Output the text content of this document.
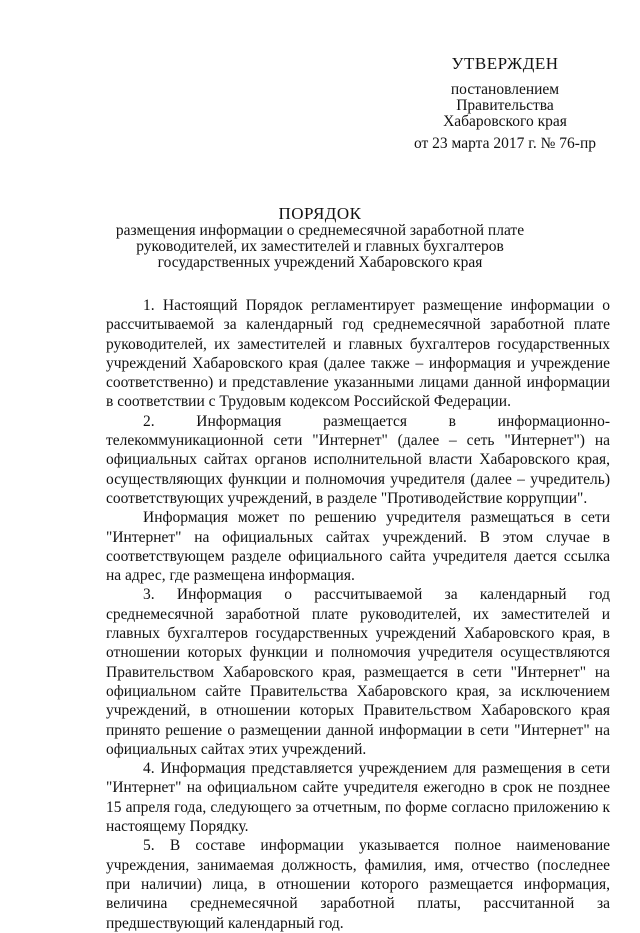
УТВЕРЖДЕН
постановлением
Правительства
Хабаровского края
от 23 марта 2017 г. № 76-пр
ПОРЯДОК
размещения информации о среднемесячной заработной плате
руководителей, их заместителей и главных бухгалтеров
государственных учреждений Хабаровского края

1. Настоящий Порядок регламентирует размещение информации о рассчитываемой за календарный год среднемесячной заработной плате руководителей, их заместителей и главных бухгалтеров государственных учреждений Хабаровского края (далее также – информация и учреждение соответственно) и представление указанными лицами данной информации в соответствии с Трудовым кодексом Российской Федерации.

2. Информация размещается в информационно-телекоммуникационной сети "Интернет" (далее – сеть "Интернет") на официальных сайтах органов исполнительной власти Хабаровского края, осуществляющих функции и полномочия учредителя (далее – учредитель) соответствующих учреждений, в разделе "Противодействие коррупции".

Информация может по решению учредителя размещаться в сети "Интернет" на официальных сайтах учреждений. В этом случае в соответствующем разделе официального сайта учредителя дается ссылка на адрес, где размещена информация.

3. Информация о рассчитываемой за календарный год среднемесячной заработной плате руководителей, их заместителей и главных бухгалтеров государственных учреждений Хабаровского края, в отношении которых функции и полномочия учредителя осуществляются Правительством Хабаровского края, размещается в сети "Интернет" на официальном сайте Правительства Хабаровского края, за исключением учреждений, в отношении которых Правительством Хабаровского края принято решение о размещении данной информации в сети "Интернет" на официальных сайтах этих учреждений.

4. Информация представляется учреждением для размещения в сети "Интернет" на официальном сайте учредителя ежегодно в срок не позднее 15 апреля года, следующего за отчетным, по форме согласно приложению к настоящему Порядку.

5. В составе информации указывается полное наименование учреждения, занимаемая должность, фамилия, имя, отчество (последнее при наличии) лица, в отношении которого размещается информация, величина среднемесячной заработной платы, рассчитанной за предшествующий календарный год.
